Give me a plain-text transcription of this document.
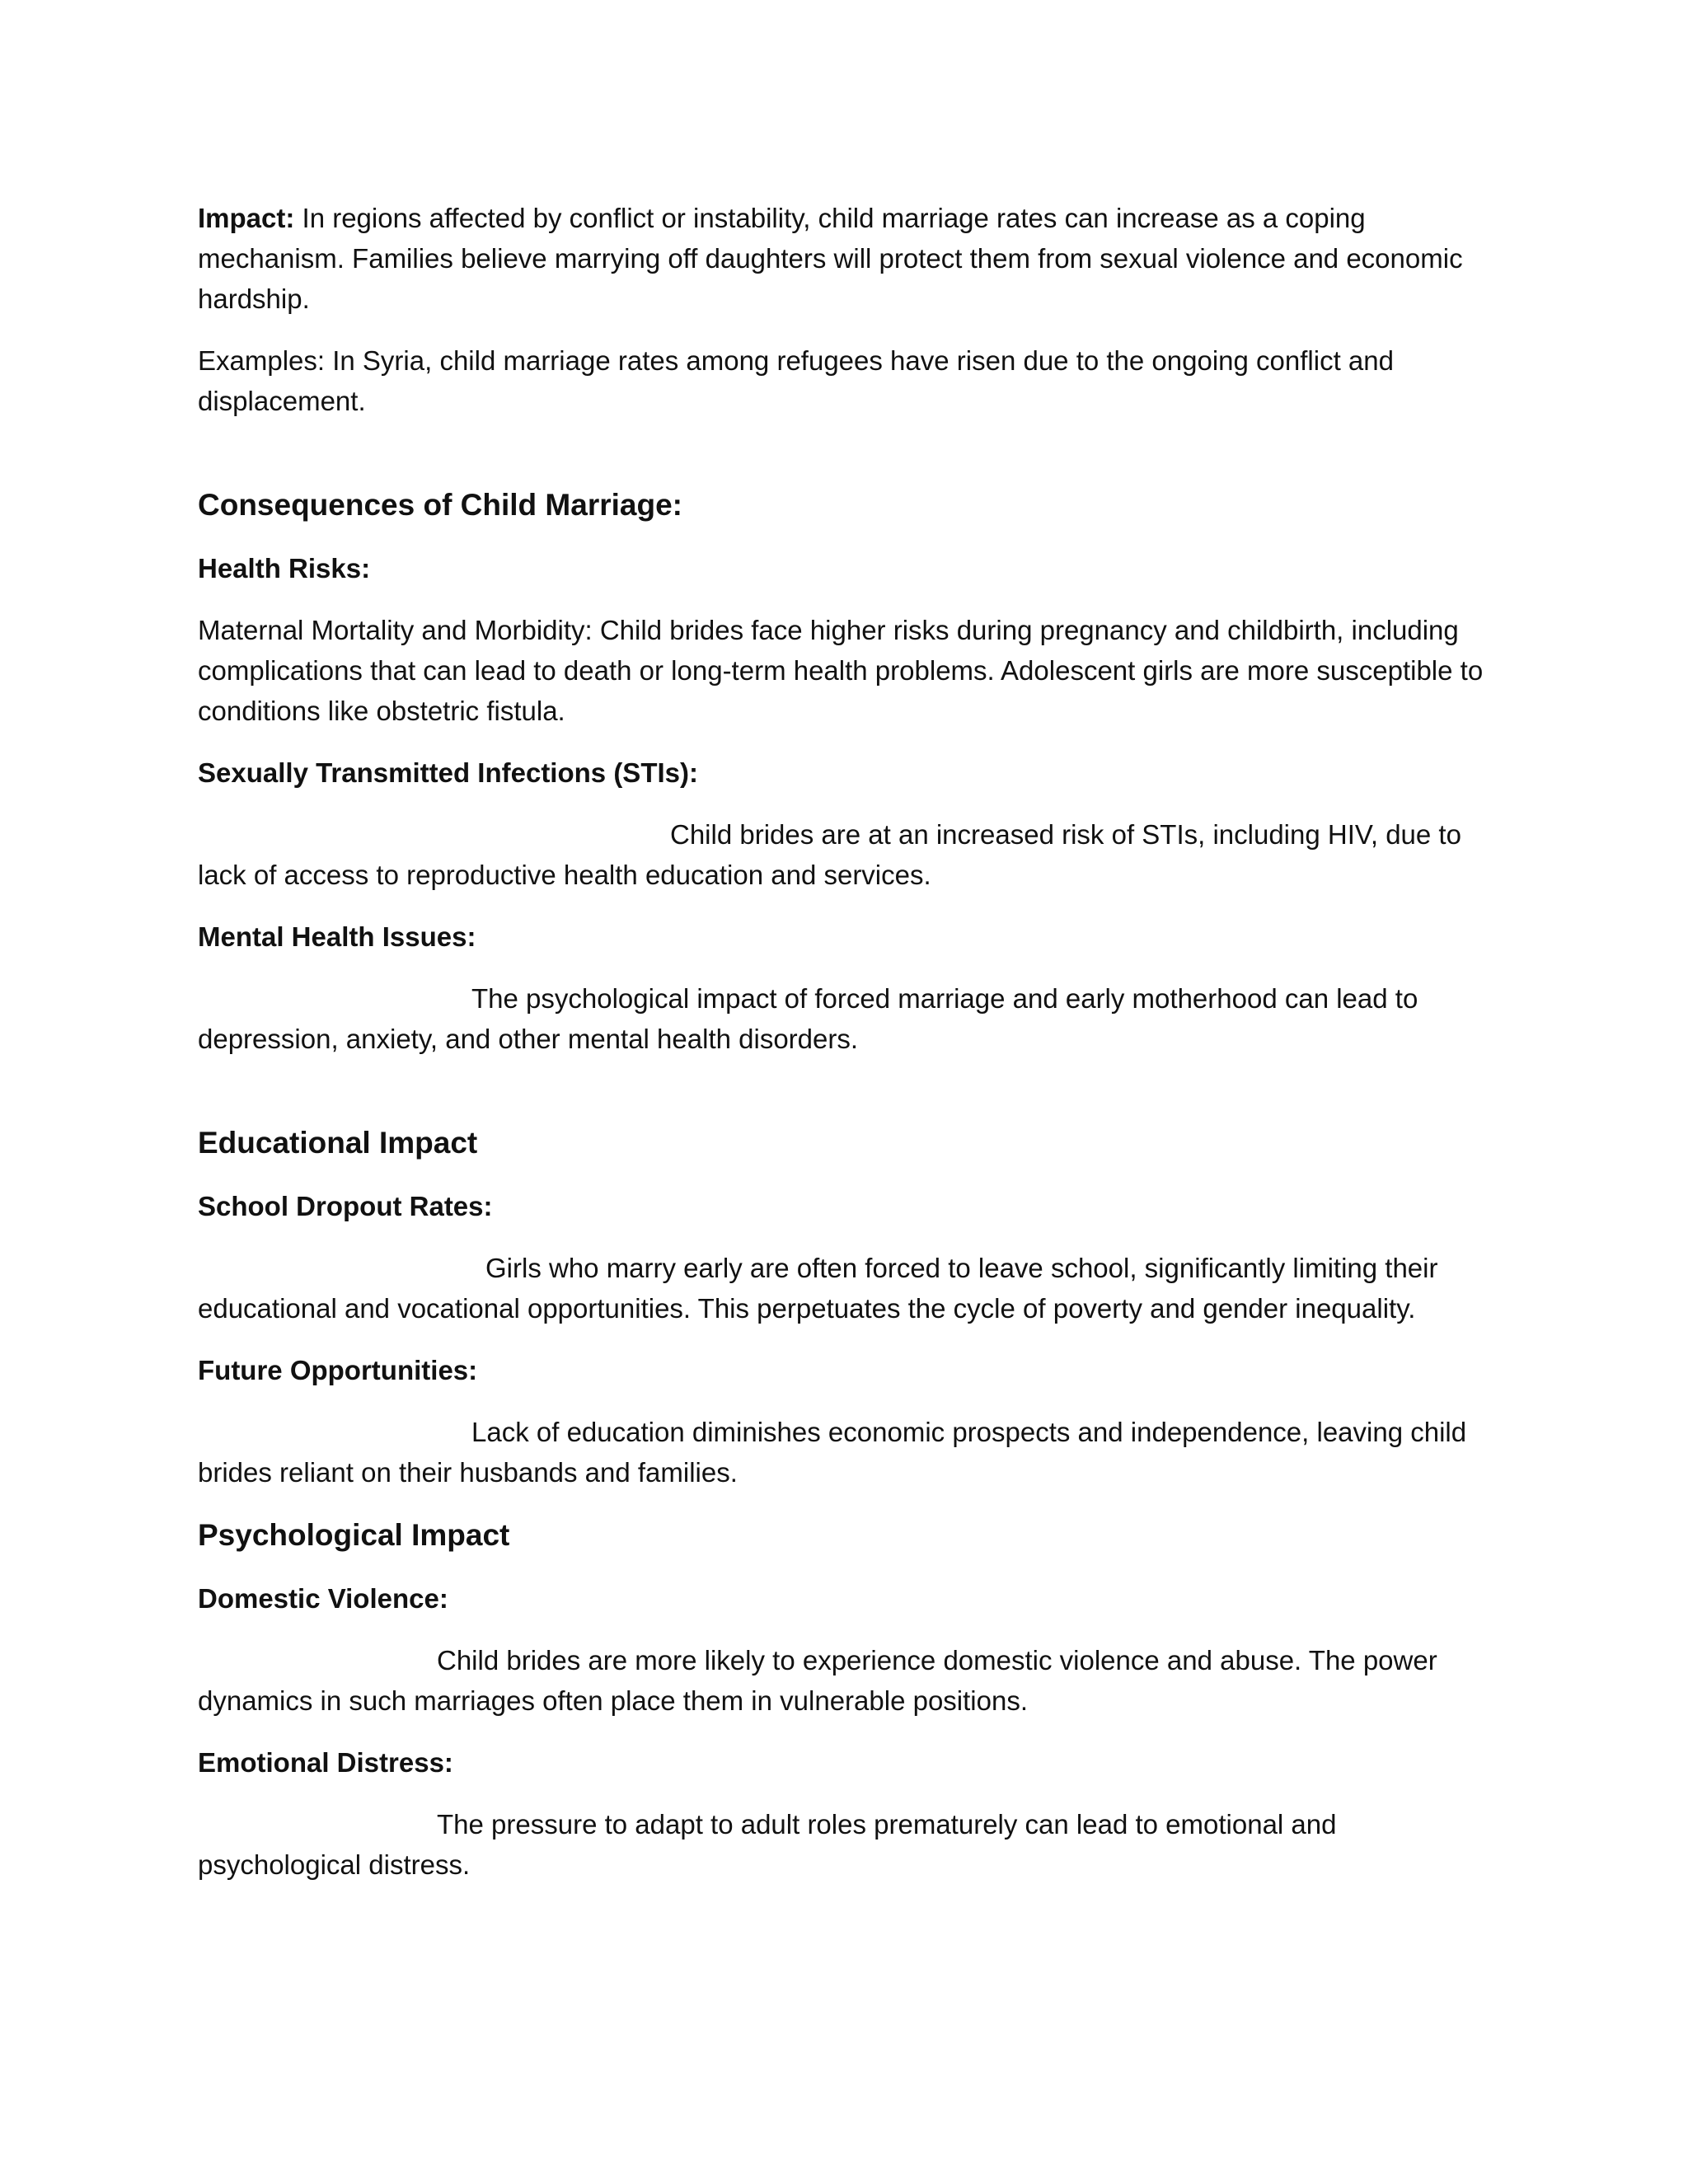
Impact: In regions affected by conflict or instability, child marriage rates can increase as a coping mechanism. Families believe marrying off daughters will protect them from sexual violence and economic hardship.

Examples: In Syria, child marriage rates among refugees have risen due to the ongoing conflict and displacement.

Consequences of Child Marriage:

Health Risks:

Maternal Mortality and Morbidity: Child brides face higher risks during pregnancy and childbirth, including complications that can lead to death or long-term health problems. Adolescent girls are more susceptible to conditions like obstetric fistula.

Sexually Transmitted Infections (STIs):

Child brides are at an increased risk of STIs, including HIV, due to lack of access to reproductive health education and services.

Mental Health Issues:

The psychological impact of forced marriage and early motherhood can lead to depression, anxiety, and other mental health disorders.

Educational Impact

School Dropout Rates:

Girls who marry early are often forced to leave school, significantly limiting their educational and vocational opportunities. This perpetuates the cycle of poverty and gender inequality.

Future Opportunities:

Lack of education diminishes economic prospects and independence, leaving child brides reliant on their husbands and families.

Psychological Impact

Domestic Violence:

Child brides are more likely to experience domestic violence and abuse. The power dynamics in such marriages often place them in vulnerable positions.

Emotional Distress:

The pressure to adapt to adult roles prematurely can lead to emotional and psychological distress.
